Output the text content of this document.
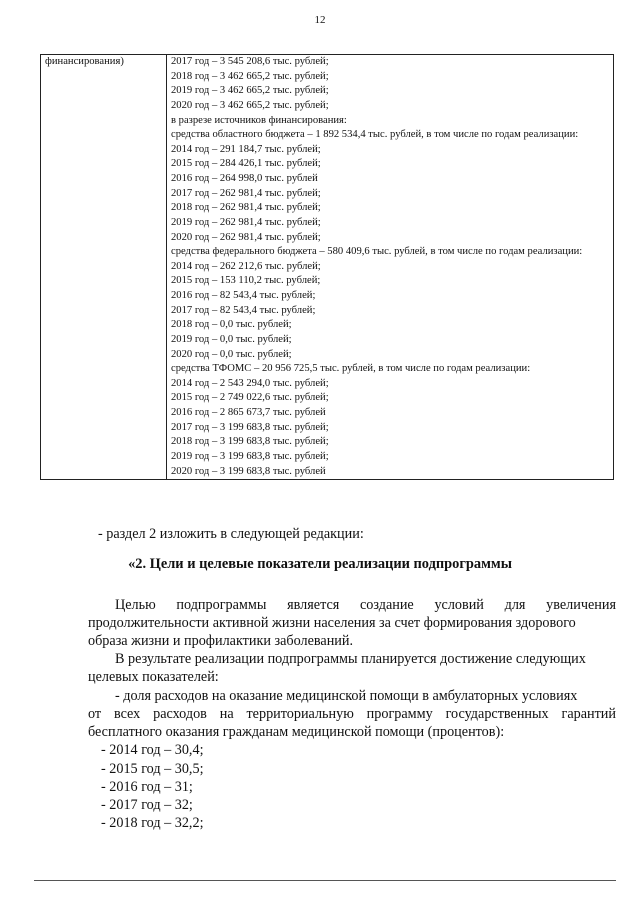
12
финансирования)	2017 год – 3 545 208,6 тыс. рублей;
2018 год – 3 462 665,2 тыс. рублей;
2019 год – 3 462 665,2 тыс. рублей;
2020 год – 3 462 665,2 тыс. рублей;
в разрезе источников финансирования:
средства областного бюджета – 1 892 534,4 тыс. рублей, в том числе по годам реализации:
2014 год – 291 184,7 тыс. рублей;
2015 год – 284 426,1 тыс. рублей;
2016 год – 264 998,0 тыс. рублей
2017 год – 262 981,4 тыс. рублей;
2018 год – 262 981,4 тыс. рублей;
2019 год – 262 981,4 тыс. рублей;
2020 год – 262 981,4 тыс. рублей;
средства федерального бюджета – 580 409,6 тыс. рублей, в том числе по годам реализации:
2014 год – 262 212,6 тыс. рублей;
2015 год – 153 110,2 тыс. рублей;
2016 год – 82 543,4 тыс. рублей;
2017 год – 82 543,4 тыс. рублей;
2018 год – 0,0 тыс. рублей;
2019 год – 0,0 тыс. рублей;
2020 год – 0,0 тыс. рублей;
средства ТФОМС – 20 956 725,5 тыс. рублей, в том числе по годам реализации:
2014 год – 2 543 294,0 тыс. рублей;
2015 год – 2 749 022,6 тыс. рублей;
2016 год – 2 865 673,7 тыс. рублей
2017 год – 3 199 683,8 тыс. рублей;
2018 год – 3 199 683,8 тыс. рублей;
2019 год – 3 199 683,8 тыс. рублей;
2020 год – 3 199 683,8 тыс. рублей
- раздел 2 изложить в следующей редакции:
«2. Цели и целевые показатели реализации подпрограммы
Целью подпрограммы является создание условий для увеличения
продолжительности активной жизни населения за счет формирования здорового
образа жизни и профилактики заболеваний.
В результате реализации подпрограммы планируется достижение следующих
целевых показателей:
- доля расходов на оказание медицинской помощи в амбулаторных условиях
от всех расходов на территориальную программу государственных гарантий
бесплатного оказания гражданам медицинской помощи (процентов):
- 2014 год – 30,4;
- 2015 год – 30,5;
- 2016 год – 31;
- 2017 год – 32;
- 2018 год – 32,2;
